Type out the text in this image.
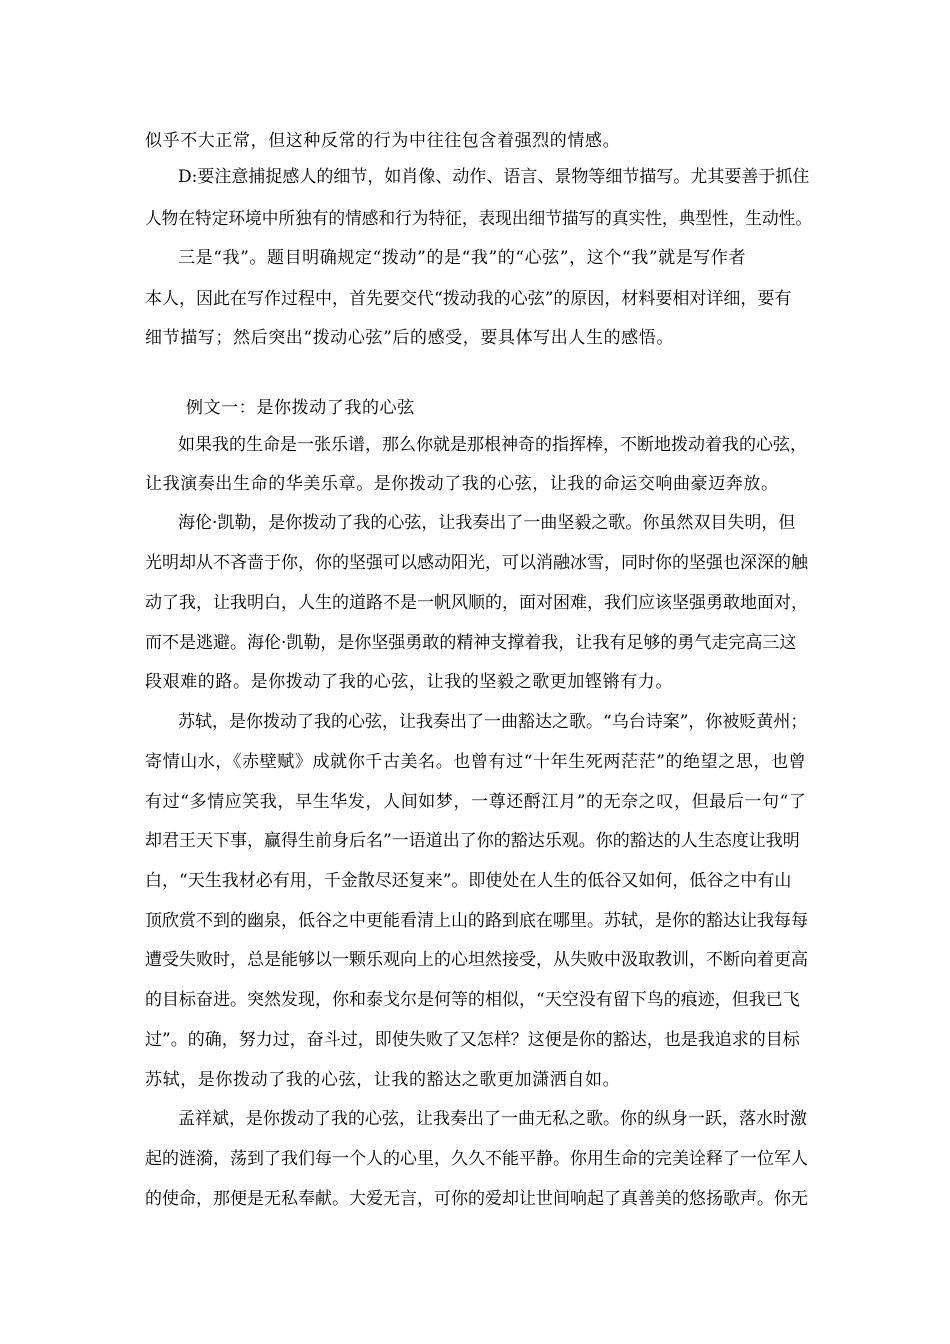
似乎不大正常，但这种反常的行为中往往包含着强烈的情感。
D:要注意捕捉感人的细节，如肖像、动作、语言、景物等细节描写。尤其要善于抓住
人物在特定环境中所独有的情感和行为特征，表现出细节描写的真实性，典型性，生动性。
三是“我”。题目明确规定“拨动”的是“我”的“心弦”，这个“我”就是写作者
本人，因此在写作过程中，首先要交代“拨动我的心弦”的原因，材料要相对详细，要有
细节描写；然后突出“拨动心弦”后的感受，要具体写出人生的感悟。
例文一：是你拨动了我的心弦
如果我的生命是一张乐谱，那么你就是那根神奇的指挥棒，不断地拨动着我的心弦，
让我演奏出生命的华美乐章。是你拨动了我的心弦，让我的命运交响曲豪迈奔放。
海伦·凯勒，是你拨动了我的心弦，让我奏出了一曲坚毅之歌。你虽然双目失明，但
光明却从不吝啬于你，你的坚强可以感动阳光，可以消融冰雪，同时你的坚强也深深的触
动了我，让我明白，人生的道路不是一帆风顺的，面对困难，我们应该坚强勇敢地面对，
而不是逃避。海伦·凯勒，是你坚强勇敢的精神支撑着我，让我有足够的勇气走完高三这
段艰难的路。是你拨动了我的心弦，让我的坚毅之歌更加铿锵有力。
苏轼，是你拨动了我的心弦，让我奏出了一曲豁达之歌。“乌台诗案”，你被贬黄州；
寄情山水，《赤壁赋》成就你千古美名。也曾有过“十年生死两茫茫”的绝望之思，也曾
有过“多情应笑我，早生华发，人间如梦，一尊还酹江月”的无奈之叹，但最后一句“了
却君王天下事，赢得生前身后名”一语道出了你的豁达乐观。你的豁达的人生态度让我明
白，“天生我材必有用，千金散尽还复来”。即使处在人生的低谷又如何，低谷之中有山
顶欣赏不到的幽泉，低谷之中更能看清上山的路到底在哪里。苏轼，是你的豁达让我每每
遭受失败时，总是能够以一颗乐观向上的心坦然接受，从失败中汲取教训，不断向着更高
的目标奋进。突然发现，你和泰戈尔是何等的相似，“天空没有留下鸟的痕迹，但我已飞
过”。的确，努力过，奋斗过，即使失败了又怎样？这便是你的豁达，也是我追求的目标
苏轼，是你拨动了我的心弦，让我的豁达之歌更加潇洒自如。
孟祥斌，是你拨动了我的心弦，让我奏出了一曲无私之歌。你的纵身一跃，落水时激
起的涟漪，荡到了我们每一个人的心里，久久不能平静。你用生命的完美诠释了一位军人
的使命，那便是无私奉献。大爱无言，可你的爱却让世间响起了真善美的悠扬歌声。你无
